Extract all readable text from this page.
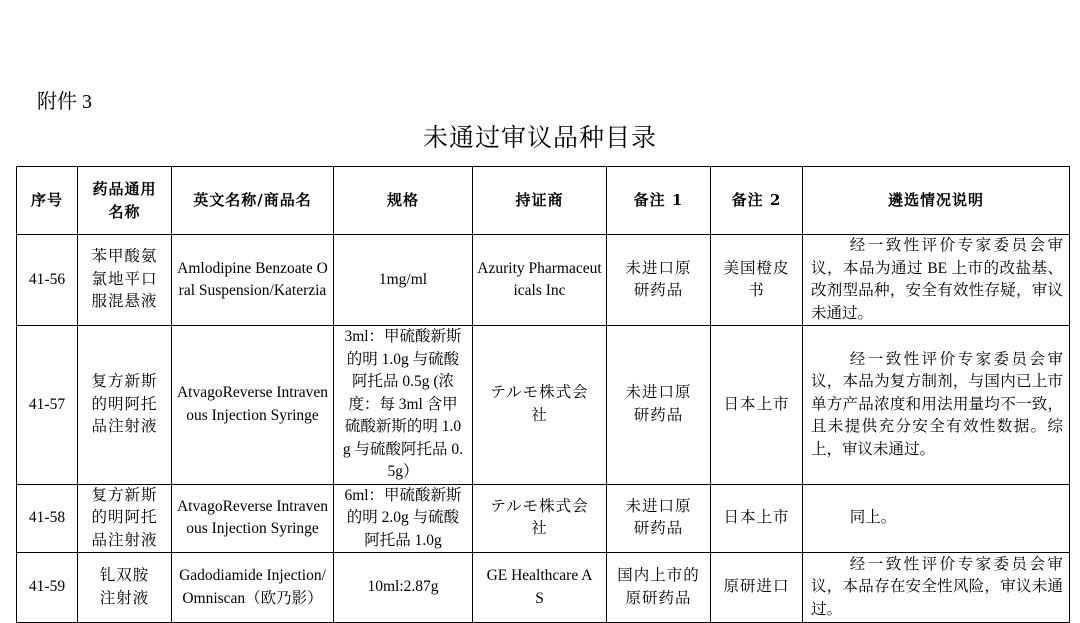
附件 3
未通过审议品种目录
序号	药品通用名称	英文名称/商品名	规格	持证商	备注 1	备注 2	遴选情况说明
41-56	苯甲酸氨氯地平口服混悬液	Amlodipine Benzoate Oral Suspension/Katerzia	1mg/ml	Azurity Pharmaceuticals Inc	未进口原研药品	美国橙皮书	经一致性评价专家委员会审议，本品为通过 BE 上市的改盐基、改剂型品种，安全有效性存疑，审议未通过。
41-57	复方新斯的明阿托品注射液	AtvagoReverse Intravenous Injection Syringe	3ml：甲硫酸新斯的明 1.0g 与硫酸阿托品 0.5g (浓度：每 3ml 含甲硫酸新斯的明 1.0g 与硫酸阿托品 0.5g）	テルモ株式会社	未进口原研药品	日本上市	经一致性评价专家委员会审议，本品为复方制剂，与国内已上市单方产品浓度和用法用量均不一致，且未提供充分安全有效性数据。综上，审议未通过。
41-58	复方新斯的明阿托品注射液	AtvagoReverse Intravenous Injection Syringe	6ml：甲硫酸新斯的明 2.0g 与硫酸阿托品 1.0g	テルモ株式会社	未进口原研药品	日本上市	同上。
41-59	钆双胺注射液	Gadodiamide Injection/ Omniscan（欧乃影）	10ml:2.87g	GE Healthcare AS	国内上市的原研药品	原研进口	经一致性评价专家委员会审议，本品存在安全性风险，审议未通过。
